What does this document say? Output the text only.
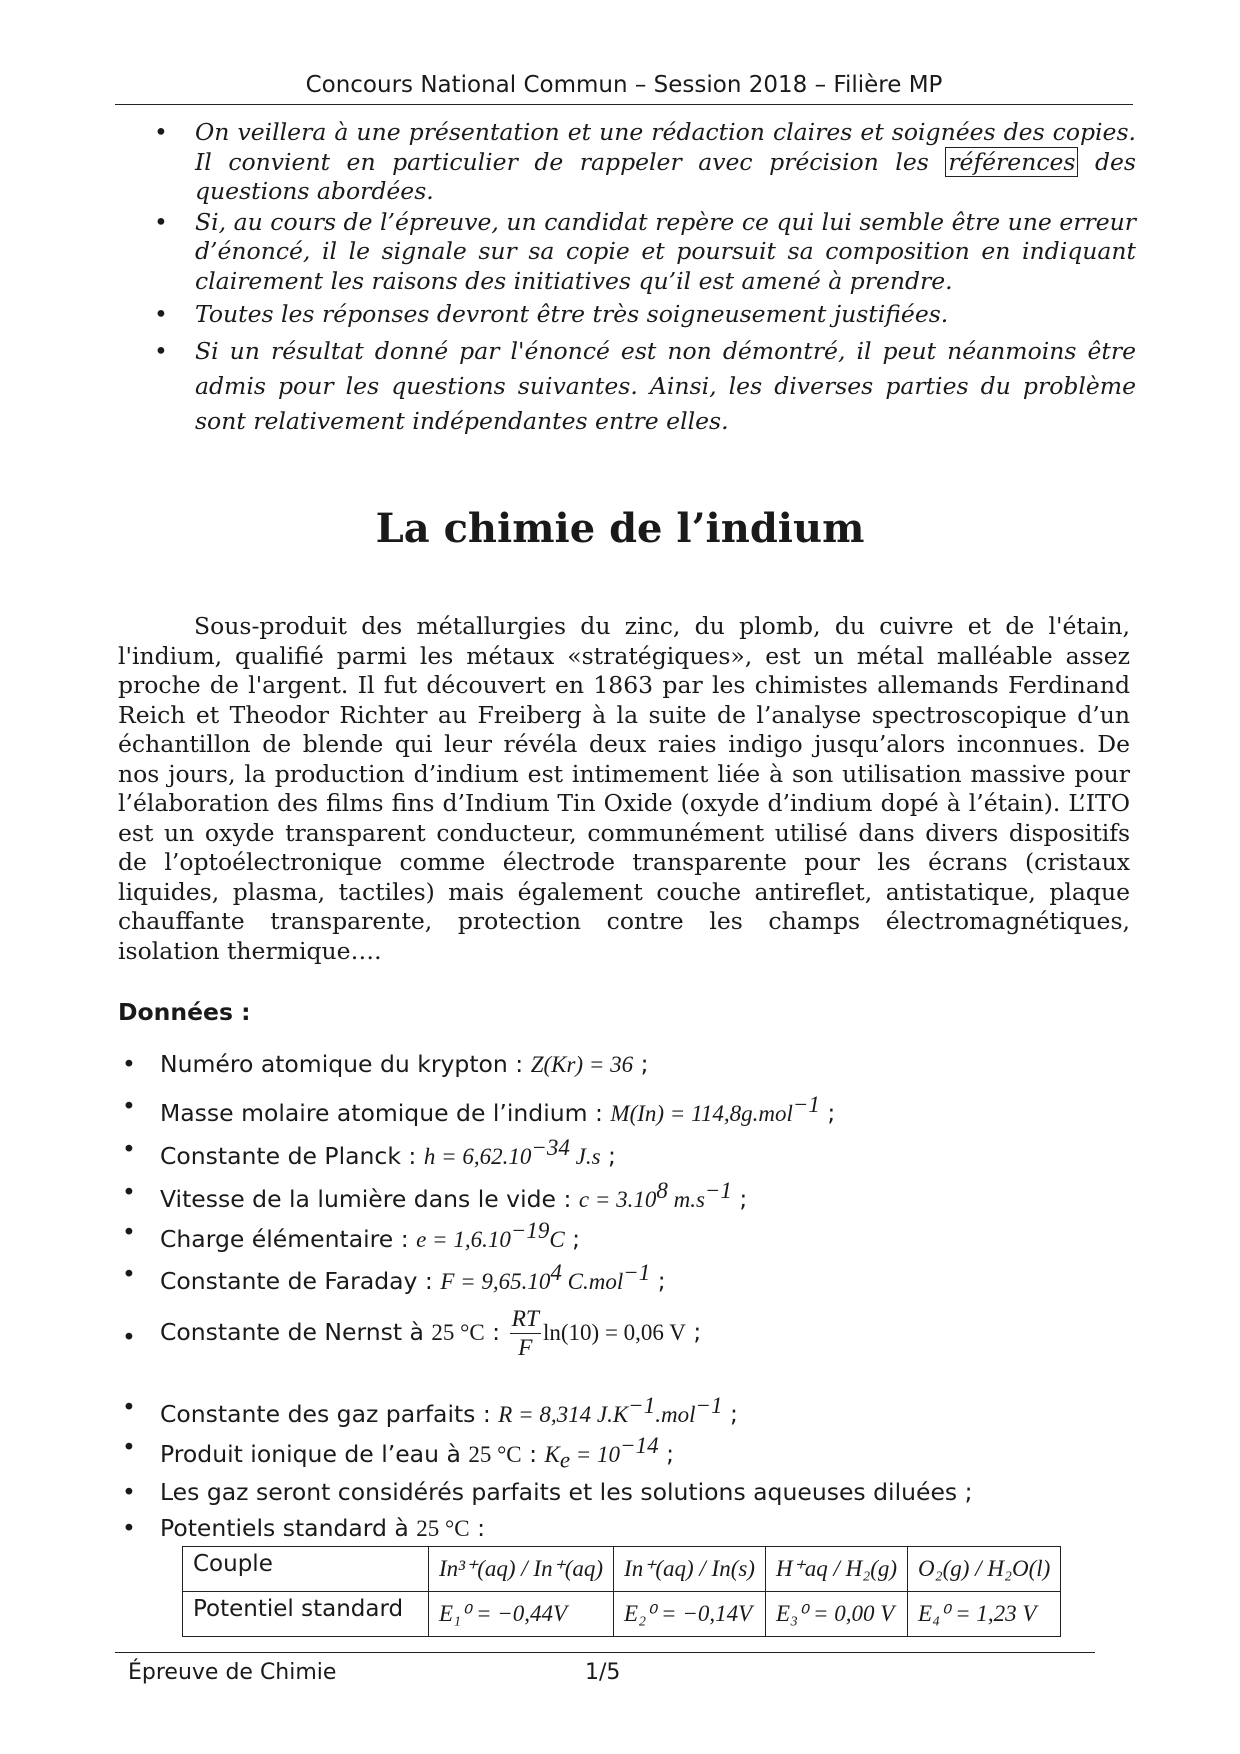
Concours National Commun – Session 2018 – Filière MP
• On veillera à une présentation et une rédaction claires et soignées des copies. Il convient en particulier de rappeler avec précision les références des questions abordées.
• Si, au cours de l’épreuve, un candidat repère ce qui lui semble être une erreur d’énoncé, il le signale sur sa copie et poursuit sa composition en indiquant clairement les raisons des initiatives qu’il est amené à prendre.
• Toutes les réponses devront être très soigneusement justifiées.
• Si un résultat donné par l'énoncé est non démontré, il peut néanmoins être admis pour les questions suivantes. Ainsi, les diverses parties du problème sont relativement indépendantes entre elles.
La chimie de l’indium

Sous-produit des métallurgies du zinc, du plomb, du cuivre et de l'étain, l'indium, qualifié parmi les métaux «stratégiques», est un métal malléable assez proche de l'argent. Il fut découvert en 1863 par les chimistes allemands Ferdinand Reich et Theodor Richter au Freiberg à la suite de l’analyse spectroscopique d’un échantillon de blende qui leur révéla deux raies indigo jusqu’alors inconnues. De nos jours, la production d’indium est intimement liée à son utilisation massive pour l’élaboration des films fins d’Indium Tin Oxide (oxyde d’indium dopé à l’étain). L’ITO est un oxyde transparent conducteur, communément utilisé dans divers dispositifs de l’optoélectronique comme électrode transparente pour les écrans (cristaux liquides, plasma, tactiles) mais également couche antireflet, antistatique, plaque chauffante transparente, protection contre les champs électromagnétiques, isolation thermique….

Données :
• Numéro atomique du krypton : Z(Kr) = 36 ;
• Masse molaire atomique de l’indium : M(In) = 114,8g.mol$^{-1}$ ;
• Constante de Planck : $h = 6,62.10^{-34}$ J.s ;
• Vitesse de la lumière dans le vide : $c = 3.10^8$ $m.s^{-1}$ ;
• Charge élémentaire : $e = 1,6.10^{-19}C$ ;
• Constante de Faraday : $F = 9,65.10^4$ C.mol$^{-1}$ ;
• Constante de Nernst à 25 °C : $\frac{RT}{F} \ln(10) = 0,06$ V ;
• Constante des gaz parfaits : R = 8,314 $J.K^{-1}.mol^{-1}$ ;
• Produit ionique de l’eau à 25 °C : $K_e = 10^{-14}$ ;
• Les gaz seront considérés parfaits et les solutions aqueuses diluées ;
• Potentiels standard à 25 °C :
Couple	In³⁺(aq) / In⁺(aq)	In⁺(aq) / In(s)	H⁺aq / H₂(g)	O₂(g) / H₂O(l)
Potentiel standard	E₁⁰ = −0,44V	E₂⁰ = −0,14V	E₃⁰ = 0,00 V	E₄⁰ = 1,23 V
Épreuve de Chimie	1/5
